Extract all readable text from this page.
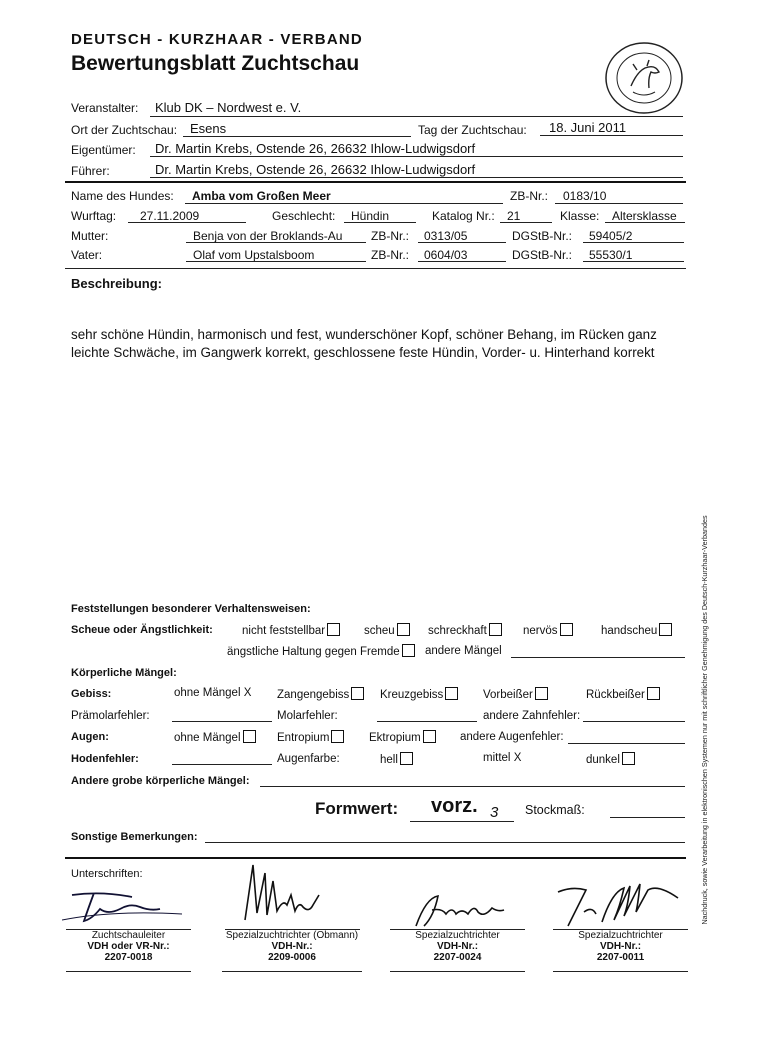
DEUTSCH - KURZHAAR - VERBAND
Bewertungsblatt Zuchtschau
Veranstalter: Klub DK – Nordwest e. V.
Ort der Zuchtschau: Esens	Tag der Zuchtschau: 18. Juni 2011
Eigentümer: Dr. Martin Krebs, Ostende 26, 26632 Ihlow-Ludwigsdorf
Führer:	Dr. Martin Krebs, Ostende 26, 26632 Ihlow-Ludwigsdorf
Name des Hundes: Amba vom Großen Meer	ZB-Nr.: 0183/10
Wurftag: 27.11.2009	Geschlecht: Hündin	Katalog Nr.: 21	Klasse: Altersklasse
Mutter:	Benja von der Broklands-Au ZB-Nr.: 0313/05	DGStB-Nr.: 59405/2
Vater:	Olaf vom Upstalsboom	ZB-Nr.: 0604/03	DGStB-Nr.: 55530/1
Beschreibung:
sehr schöne Hündin, harmonisch und fest, wunderschöner Kopf, schöner Behang, im Rücken ganz
leichte Schwäche, im Gangwerk korrekt, geschlossene feste Hündin, Vorder- u. Hinterhand korrekt
Nachdruck, sowie Verarbeitung in elektronischen Systemen nur mit schriftlicher Genehmigung des Deutsch-Kurzhaar-Verbandes
Feststellungen besonderer Verhaltensweisen:
Scheue oder Ängstlichkeit:	nicht feststellbar	scheu	schreckhaft	nervös	handscheu
ängstliche Haltung gegen Fremde	andere Mängel
Körperliche Mängel:
Gebiss:	ohne Mängel X Zangengebiss	Kreuzgebiss	Vorbeißer	Rückbeißer
Prämolarfehler:	Molarfehler:	andere Zahnfehler:
Augen:	ohne Mängel	Entropium	Ektropium	andere Augenfehler:
Hodenfehler:	Augenfarbe:	hell	mittel X	dunkel
Andere grobe körperliche Mängel:
Formwert: vorz. 3 Stockmaß:
Sonstige Bemerkungen:
Unterschriften:
Zuchtschauleiter
VDH oder VR-Nr.:
2207-0018
Spezialzuchtrichter (Obmann)
VDH-Nr.:
2209-0006
Spezialzuchtrichter
VDH-Nr.:
2207-0024
Spezialzuchtrichter
VDH-Nr.:
2207-0011
